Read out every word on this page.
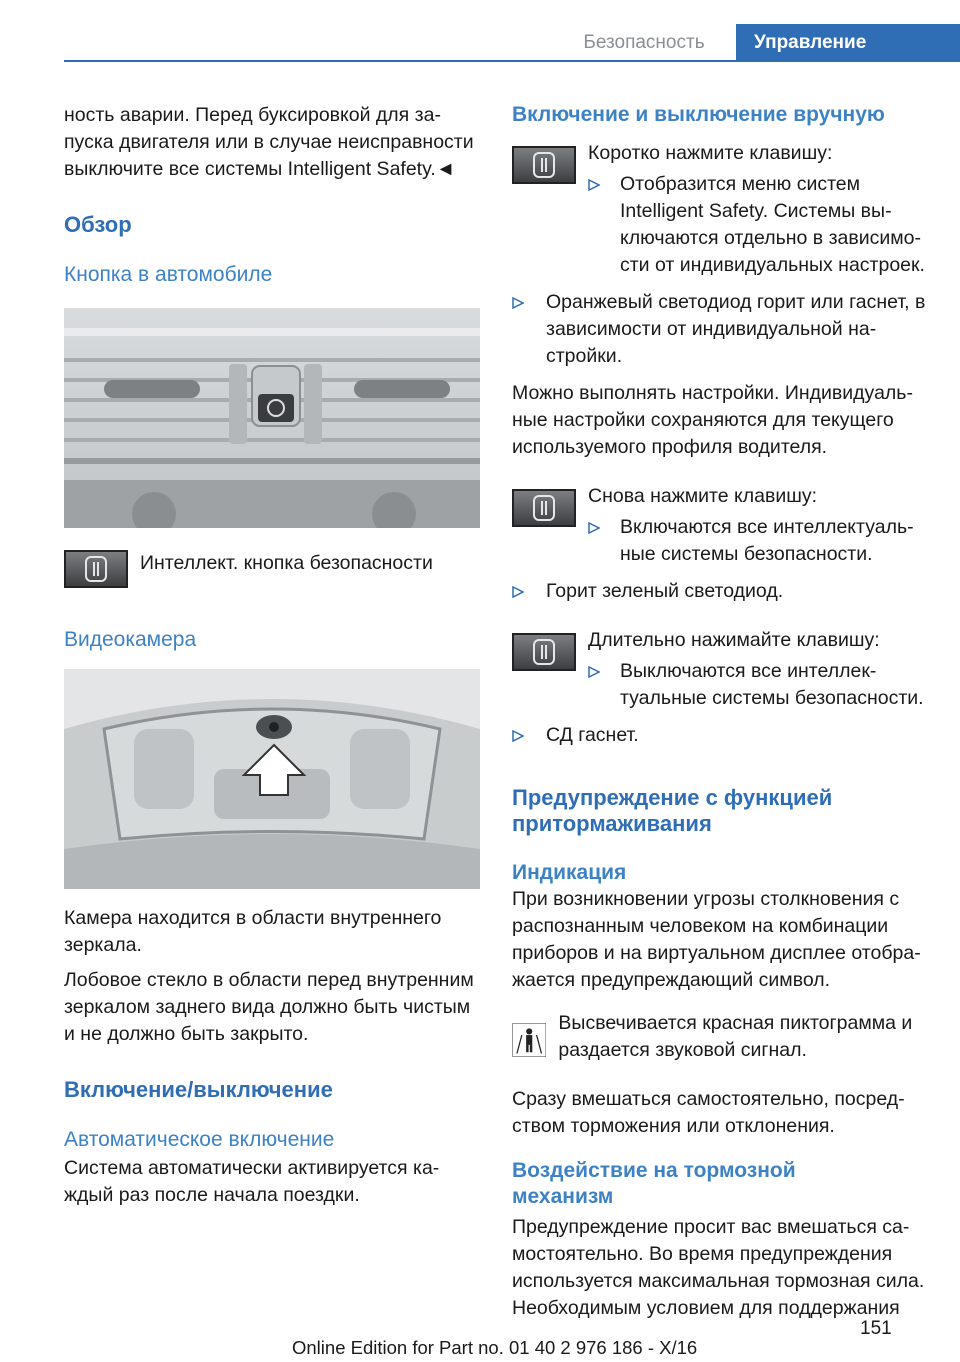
Безопасность	Управление

ность аварии. Перед буксировкой для запуска двигателя или в случае неисправности выключите все системы Intelligent Safety.◄

Обзор
Кнопка в автомобиле

Интеллект. кнопка безопасности

Видеокамера

Камера находится в области внутреннего зеркала.

Лобовое стекло в области перед внутренним зеркалом заднего вида должно быть чистым и не должно быть закрыто.

Включение/выключение
Автоматическое включение

Система автоматически активируется каждый раз после начала поездки.

Включение и выключение вручную

Коротко нажмите клавишу:

Отобразится меню систем Intelligent Safety. Системы выключаются отдельно в зависимости от индивидуальных настроек.

Оранжевый светодиод горит или гаснет, в зависимости от индивидуальной настройки.

Можно выполнять настройки. Индивидуальные настройки сохраняются для текущего используемого профиля водителя.

Снова нажмите клавишу:

Включаются все интеллектуальные системы безопасности.

Горит зеленый светодиод.

Длительно нажимайте клавишу:

Выключаются все интеллектуальные системы безопасности.

СД гаснет.

Предупреждение с функцией притормаживания
Индикация

При возникновении угрозы столкновения с распознанным человеком на комбинации приборов и на виртуальном дисплее отображается предупреждающий символ.

Высвечивается красная пиктограмма и раздается звуковой сигнал.

Сразу вмешаться самостоятельно, посредством торможения или отклонения.

Воздействие на тормозной механизм

Предупреждение просит вас вмешаться самостоятельно. Во время предупреждения используется максимальная тормозная сила. Необходимым условием для поддержания

151
Online Edition for Part no. 01 40 2 976 186 - X/16
